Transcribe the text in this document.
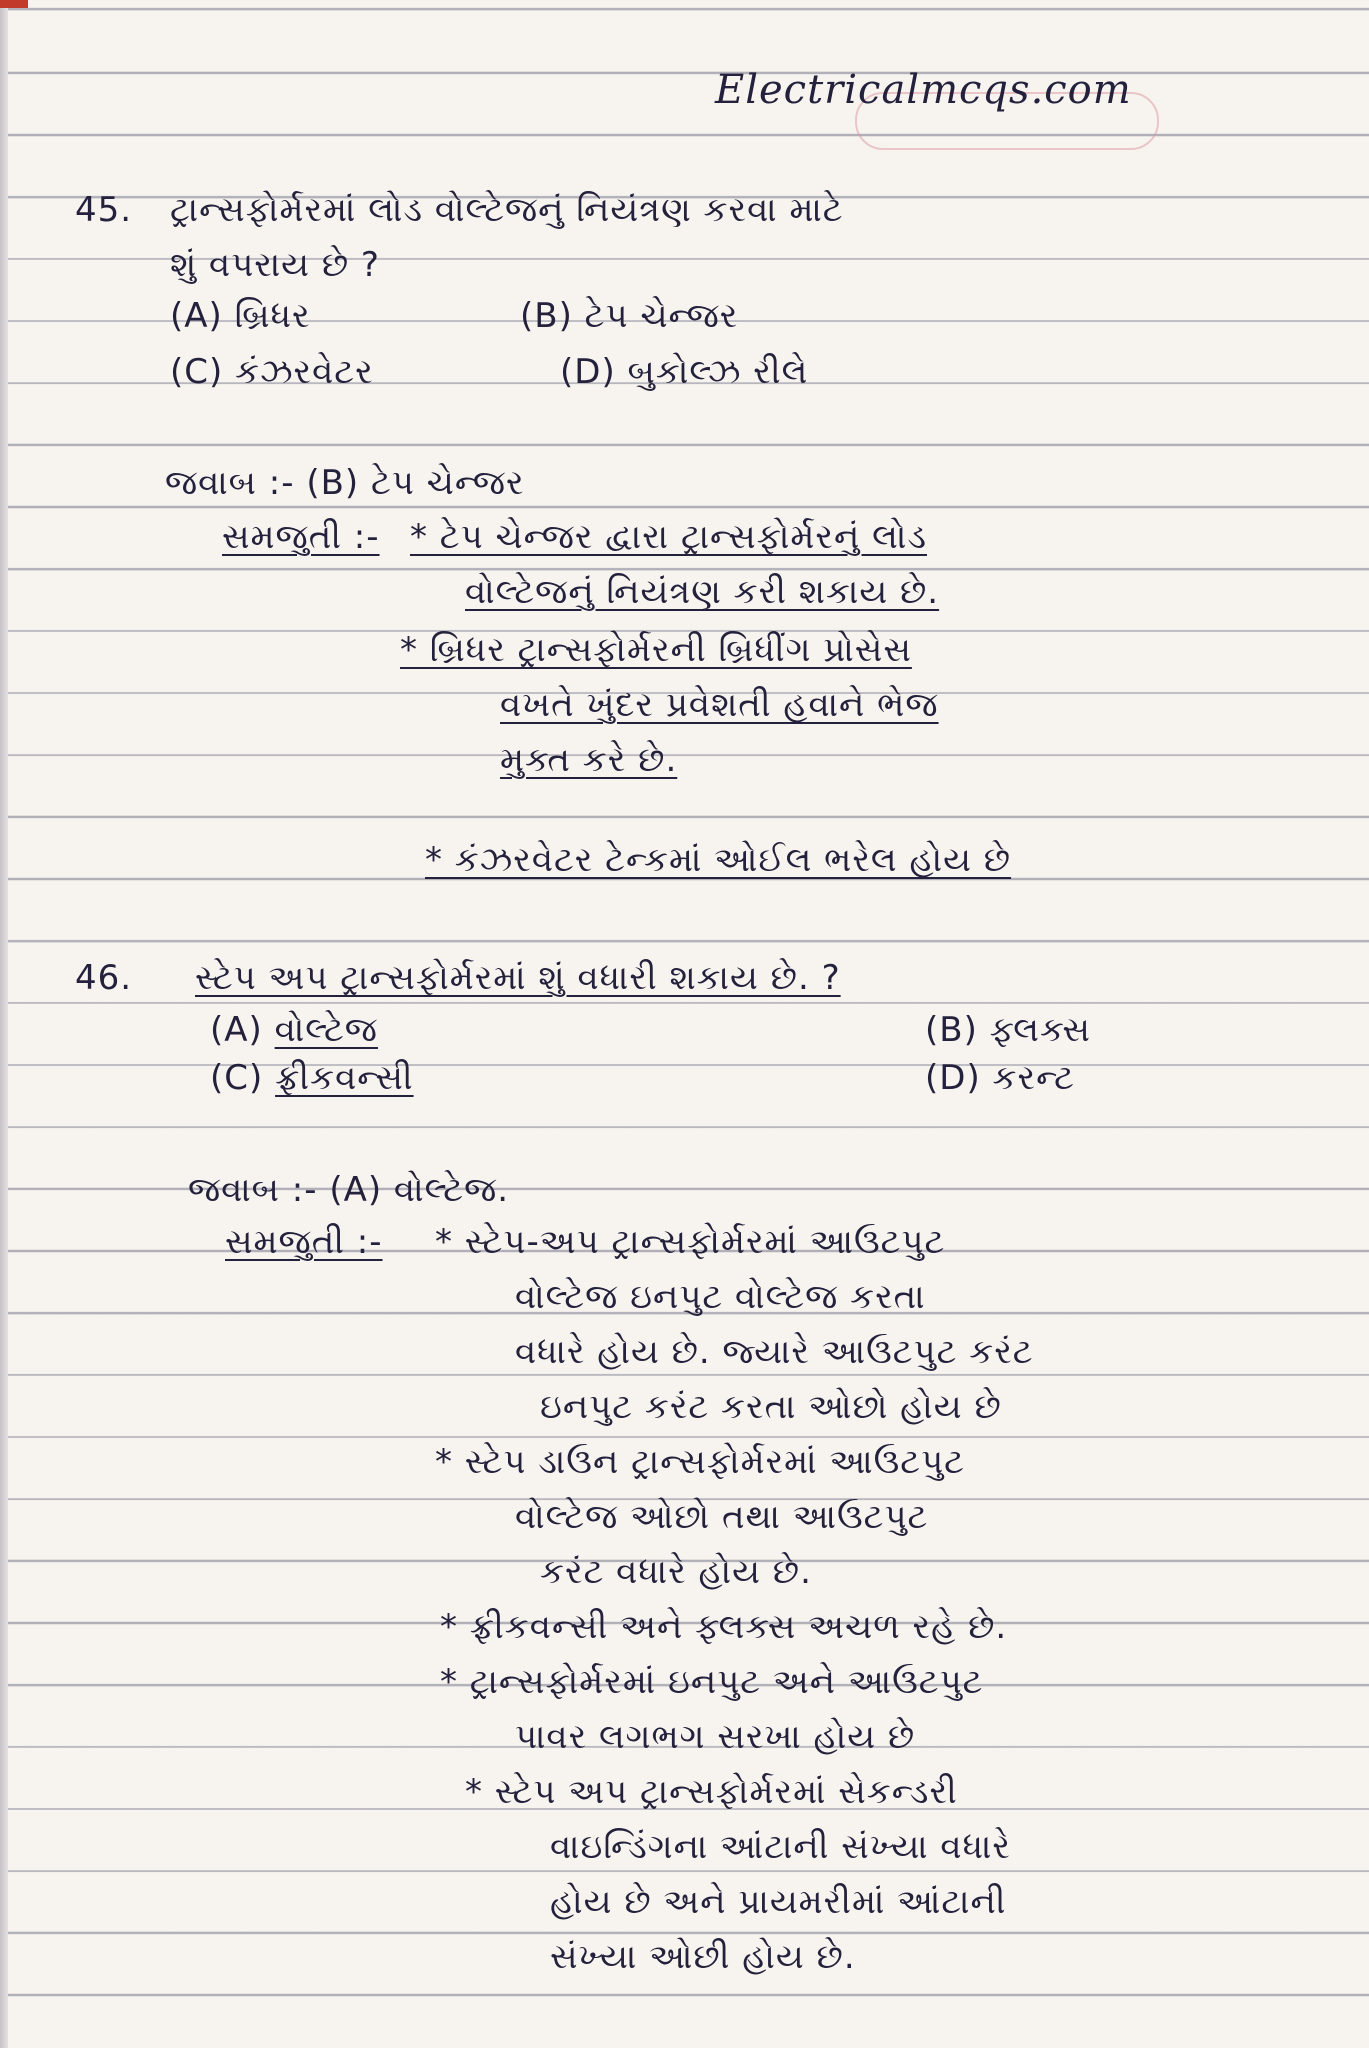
Electricalmcqs.com
45. ટ્રાન્સફોર્મરમાં લોડ વોલ્ટેજનું નિયંત્રણ કરવા માટે
શું વપરાય છે ?
(A) બ્રિધર	(B) ટેપ ચેન્જર
(C) કંઝરવેટર	(D) બુકોલ્ઝ રીલે
જવાબ :- (B) ટેપ ચેન્જર
સમજુતી :- * ટેપ ચેન્જર દ્વારા ટ્રાન્સફોર્મરનું લોડ
વોલ્ટેજનું નિયંત્રણ કરી શકાય છે.
* બ્રિધર ટ્રાન્સફોર્મરની બ્રિધીંગ પ્રોસેસ
વખતે ખુંદર પ્રવેશતી હવાને ભેજ
મુક્ત કરે છે.
* કંઝરવેટર ટેન્કમાં ઓઈલ ભરેલ હોય છે
46. સ્ટેપ અપ ટ્રાન્સફોર્મરમાં શું વધારી શકાય છે. ?
(A) વોલ્ટેજ	(B) ફ્લક્સ
(C) ફ્રીકવન્સી	(D) કરન્ટ
જવાબ :- (A) વોલ્ટેજ.
સમજુતી :- * સ્ટેપ-અપ ટ્રાન્સફોર્મરમાં આઉટપુટ
વોલ્ટેજ ઇનપુટ વોલ્ટેજ કરતા
વધારે હોય છે. જ્યારે આઉટપુટ કરંટ
ઇનપુટ કરંટ કરતા ઓછો હોય છે
* સ્ટેપ ડાઉન ટ્રાન્સફોર્મરમાં આઉટપુટ
વોલ્ટેજ ઓછો તથા આઉટપુટ
કરંટ વધારે હોય છે.
* ફ્રીકવન્સી અને ફ્લક્સ અચળ રહે છે.
* ટ્રાન્સફોર્મરમાં ઇનપુટ અને આઉટપુટ
પાવર લગભગ સરખા હોય છે
* સ્ટેપ અપ ટ્રાન્સફોર્મરમાં સેકન્ડરી
વાઇન્ડિંગના આંટાની સંખ્યા વધારે
હોય છે અને પ્રાયમરીમાં આંટાની
સંખ્યા ઓછી હોય છે.
